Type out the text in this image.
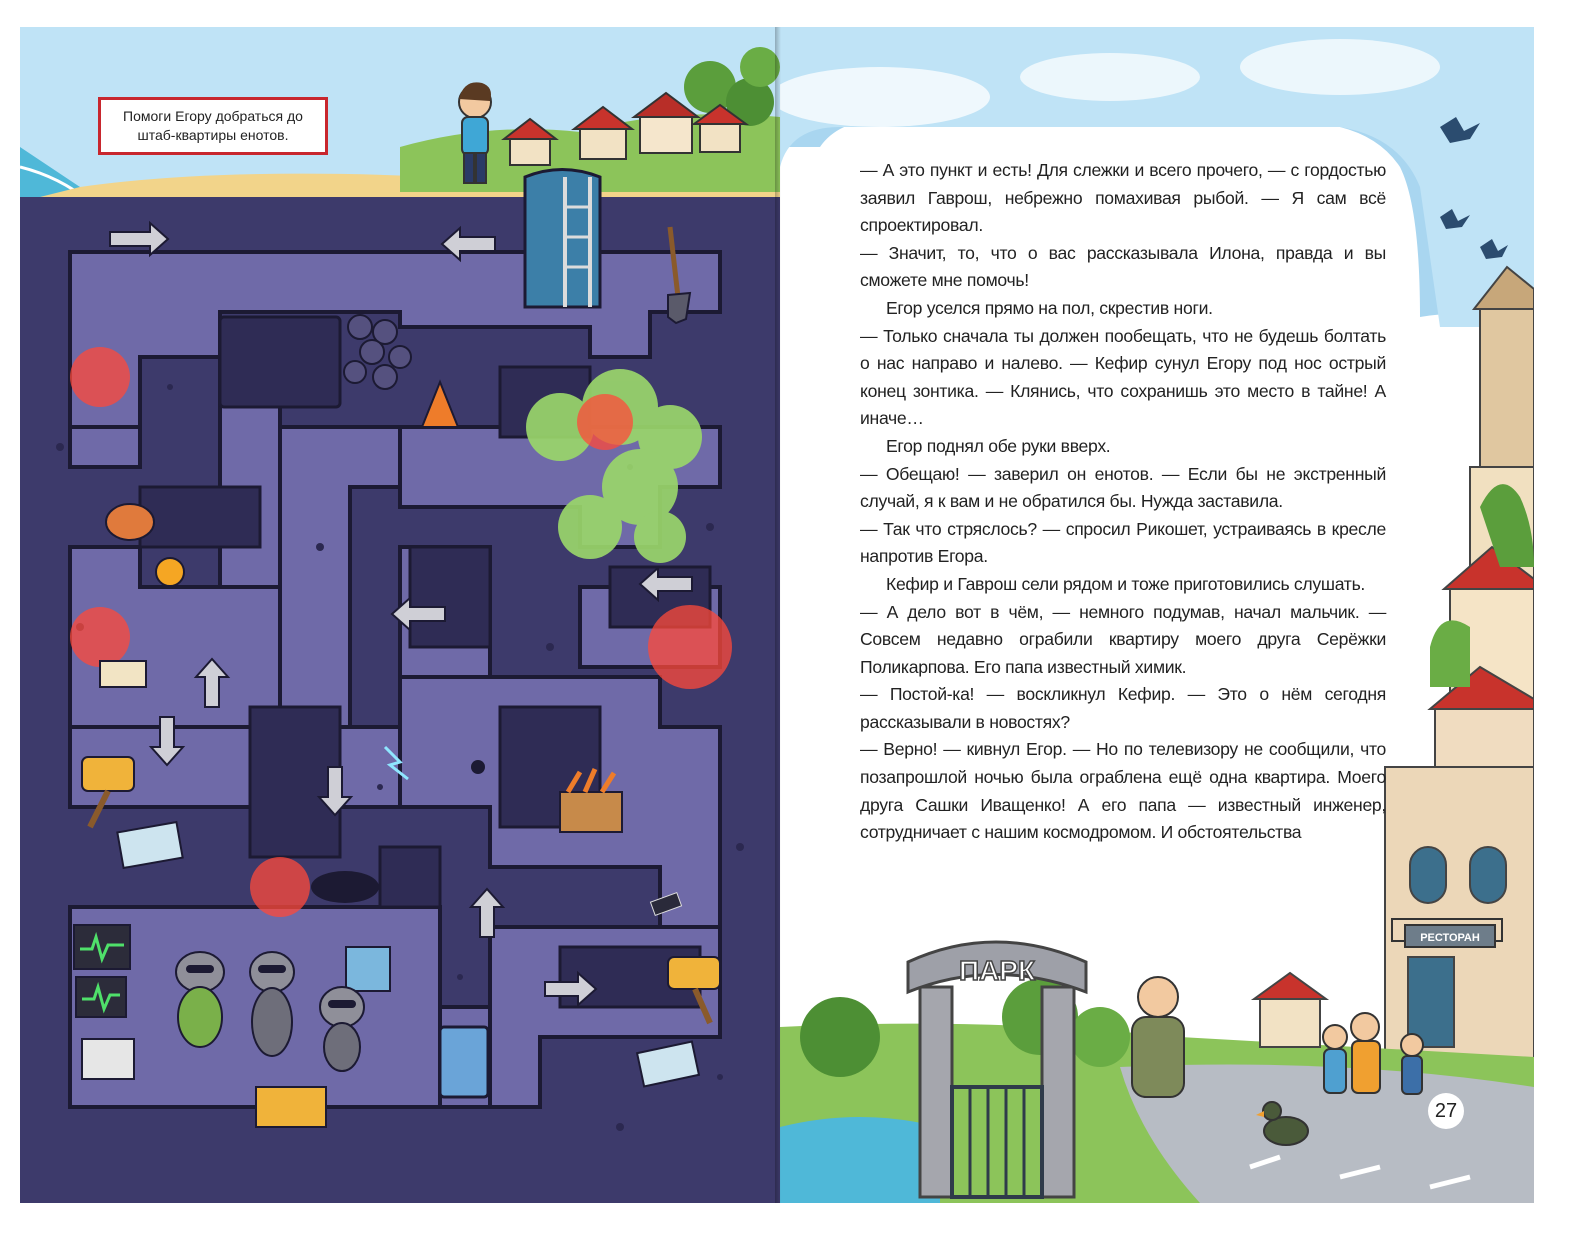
Помоги Егору добраться до штаб-квартиры енотов.
РЕСТОРАН
ПАРК

— А это пункт и есть! Для слежки и всего прочего, — с гордостью заявил Гаврош, небрежно помахивая рыбой. — Я сам всё спроектировал.

— Значит, то, что о вас рассказывала Илона, правда и вы сможете мне помочь!

Егор уселся прямо на пол, скрестив ноги.

— Только сначала ты должен пообещать, что не будешь болтать о нас направо и налево. — Кефир сунул Егору под нос острый конец зонтика. — Клянись, что сохранишь это место в тайне! А иначе…

Егор поднял обе руки вверх.

— Обещаю! — заверил он енотов. — Если бы не экстренный случай, я к вам и не обратился бы. Нужда заставила.

— Так что стряслось? — спросил Рикошет, устраиваясь в кресле напротив Егора.

Кефир и Гаврош сели рядом и тоже приготовились слушать.

— А дело вот в чём, — немного подумав, начал мальчик. — Совсем недавно ограбили квартиру моего друга Серёжки Поликарпова. Его папа известный химик.

— Постой-ка! — воскликнул Кефир. — Это о нём сегодня рассказывали в новостях?

— Верно! — кивнул Егор. — Но по телевизору не сообщили, что позапрошлой ночью была ограблена ещё одна квартира. Моего друга Сашки Иващенко! А его папа — известный инженер, сотрудничает с нашим космодромом. И обстоятельства

27
